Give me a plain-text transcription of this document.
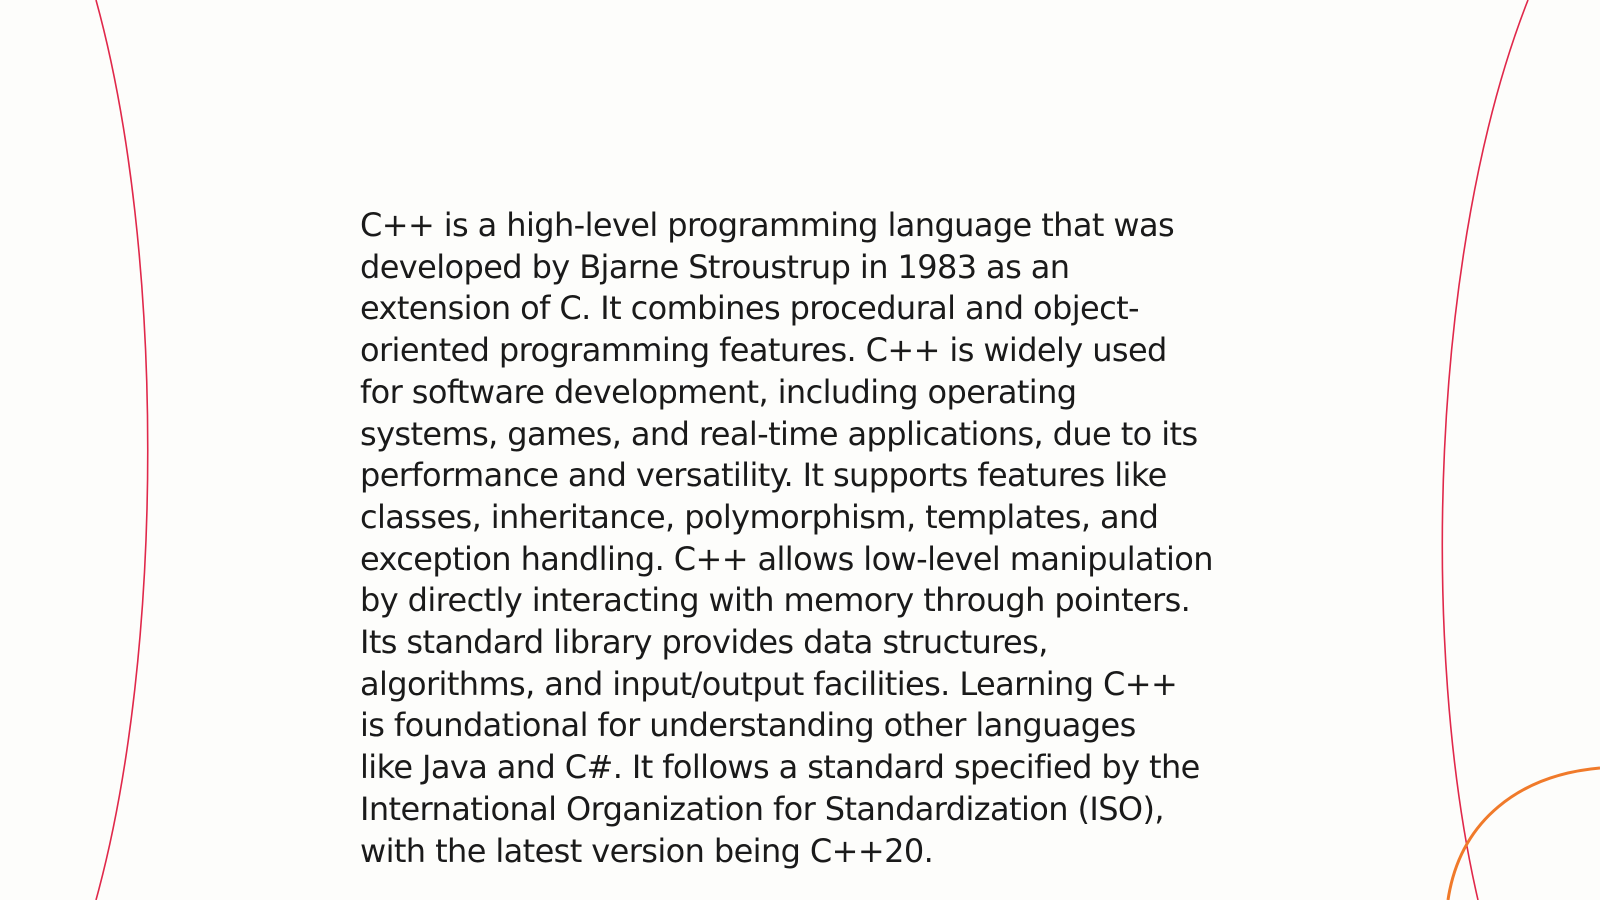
C++ is a high-level programming language that was
developed by Bjarne Stroustrup in 1983 as an
extension of C. It combines procedural and object-
oriented programming features. C++ is widely used
for software development, including operating
systems, games, and real-time applications, due to its
performance and versatility. It supports features like
classes, inheritance, polymorphism, templates, and
exception handling. C++ allows low-level manipulation
by directly interacting with memory through pointers.
Its standard library provides data structures,
algorithms, and input/output facilities. Learning C++
is foundational for understanding other languages
like Java and C#. It follows a standard specified by the
International Organization for Standardization (ISO),
with the latest version being C++20.
